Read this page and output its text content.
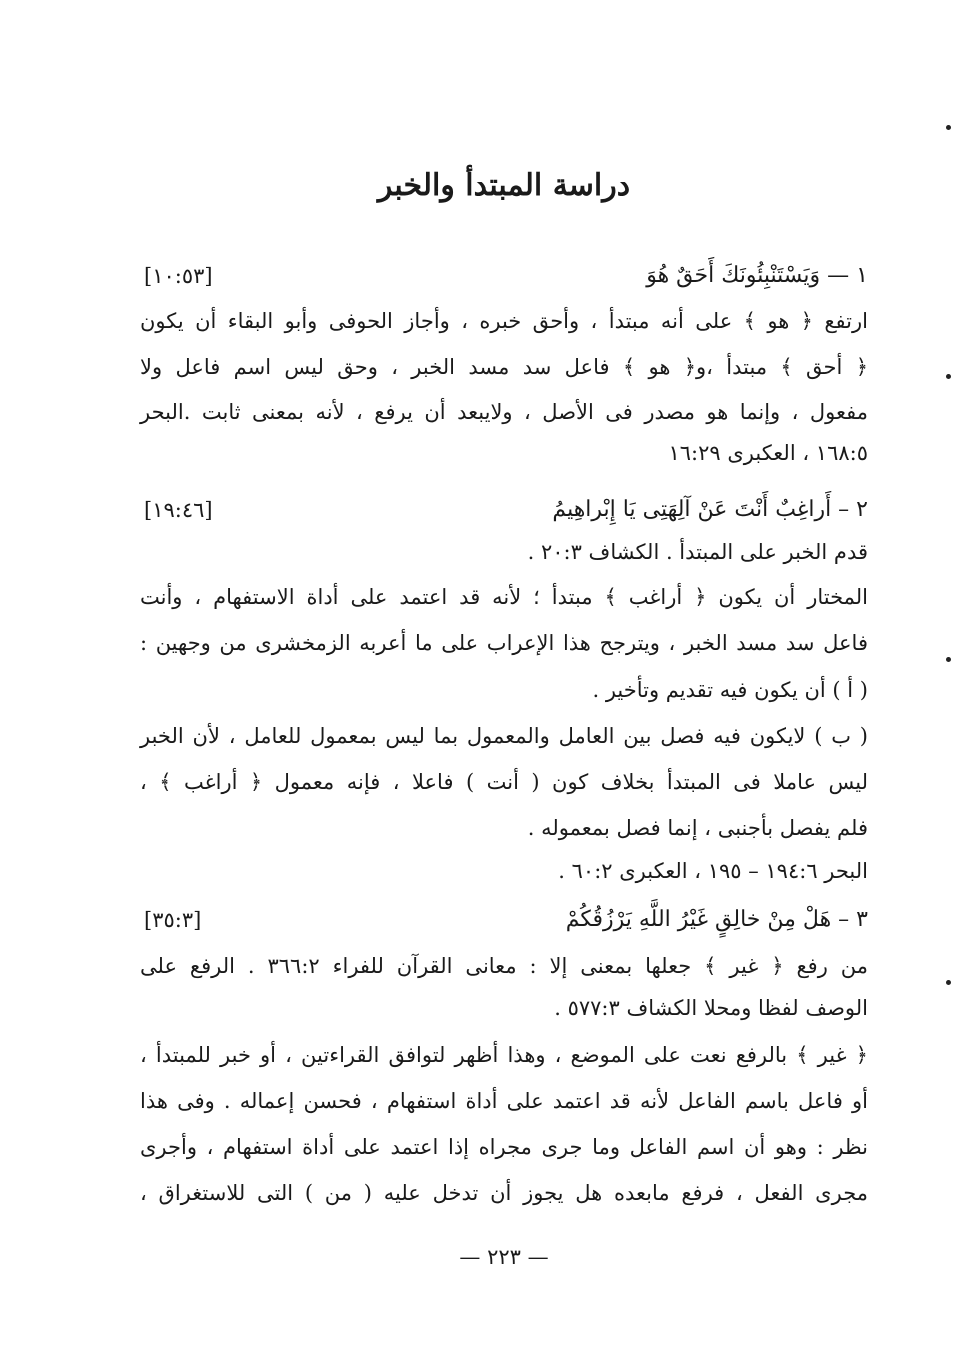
دراسة المبتدأ والخبر
١ — وَيَسْتَنْبِئُونَكَ أَحَقٌ هُوَ
[١٠:٥٣]
ارتفع ﴿ هو ﴾ على أنه مبتدأ ، وأحق خبره ، وأجاز الحوفى وأبو البقاء أن يكون
﴿ أحق ﴾ مبتدأ ،و﴿ هو ﴾ فاعل سد مسد الخبر ، وحق ليس اسم فاعل ولا
مفعول ، وإنما هو مصدر فى الأصل ، ولايبعد أن يرفع ، لأنه بمعنى ثابت .البحر
١٦٨:٥ ، العكبرى ١٦:٢٩
٢ – أَراغِبٌ أَنْتَ عَنْ آلِهَتِى يَا إِبْراهِيمُ
[١٩:٤٦]
قدم الخبر على المبتدأ . الكشاف ٢٠:٣ .
المختار أن يكون ﴿ أراغب ﴾ مبتدأ ؛ لأنه قد اعتمد على أداة الاستفهام ، وأنت
فاعل سد مسد الخبر ، ويترجح هذا الإعراب على ما أعربه الزمخشرى من وجهين :
( أ ) أن يكون فيه تقديم وتأخير .
( ب ) لايكون فيه فصل بين العامل والمعمول بما ليس بمعمول للعامل ، لأن الخبر
ليس عاملا فى المبتدأ بخلاف كون ( أنت ) فاعلا ، فإنه معمول ﴿ أراغب ﴾ ،
فلم يفصل بأجنبى ، إنما فصل بمعموله .
البحر ١٩٤:٦ – ١٩٥ ، العكبرى ٦٠:٢ .
٣ – هَلْ مِنْ خالِقٍ غَيْرُ اللَّهِ يَرْزُقُكُمْ
[٣٥:٣]
من رفع ﴿ غير ﴾ جعلها بمعنى إلا : معانى القرآن للفراء ٣٦٦:٢ . الرفع على
الوصف لفظا ومحلا الكشاف ٥٧٧:٣ .
﴿ غير ﴾ بالرفع نعت على الموضع ، وهذا أظهر لتوافق القراءتين ، أو خبر للمبتدأ ،
أو فاعل باسم الفاعل لأنه قد اعتمد على أداة استفهام ، فحسن إعماله . وفى هذا
نظر : وهو أن اسم الفاعل وما جرى مجراه إذا اعتمد على أداة استفهام ، وأجرى
مجرى الفعل ، فرفع مابعده هل يجوز أن تدخل عليه ( من ) التى للاستغراق ،
— ٢٢٣ —
